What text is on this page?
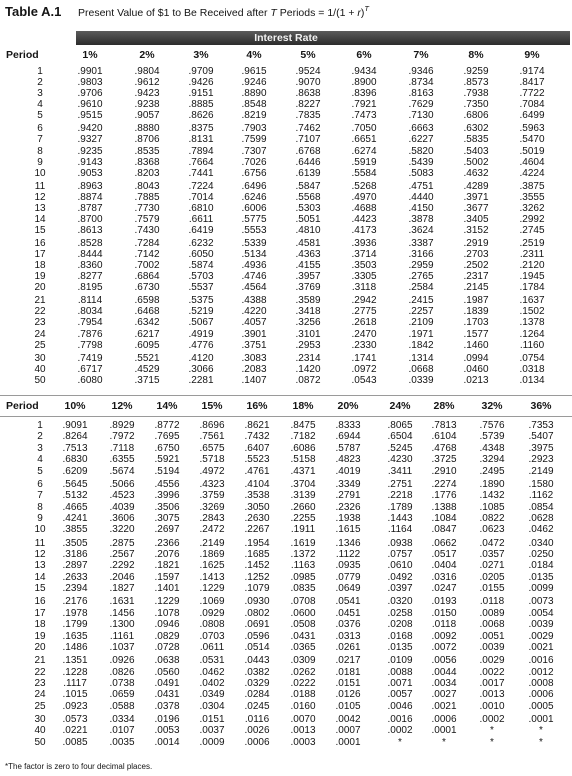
Table A.1 Present Value of $1 to Be Received after T Periods = $1/(1 + r)^T$
Interest Rate
Period	1%	2%	3%	4%	5%	6%	7%	8%	9%
1	.9901	.9804	.9709	.9615	.9524	.9434	.9346	.9259	.9174
2	.9803	.9612	.9426	.9246	.9070	.8900	.8734	.8573	.8417
3	.9706	.9423	.9151	.8890	.8638	.8396	.8163	.7938	.7722
4	.9610	.9238	.8885	.8548	.8227	.7921	.7629	.7350	.7084
5	.9515	.9057	.8626	.8219	.7835	.7473	.7130	.6806	.6499
6	.9420	.8880	.8375	.7903	.7462	.7050	.6663	.6302	.5963
7	.9327	.8706	.8131	.7599	.7107	.6651	.6227	.5835	.5470
8	.9235	.8535	.7894	.7307	.6768	.6274	.5820	.5403	.5019
9	.9143	.8368	.7664	.7026	.6446	.5919	.5439	.5002	.4604
10	.9053	.8203	.7441	.6756	.6139	.5584	.5083	.4632	.4224
11	.8963	.8043	.7224	.6496	.5847	.5268	.4751	.4289	.3875
12	.8874	.7885	.7014	.6246	.5568	.4970	.4440	.3971	.3555
13	.8787	.7730	.6810	.6006	.5303	.4688	.4150	.3677	.3262
14	.8700	.7579	.6611	.5775	.5051	.4423	.3878	.3405	.2992
15	.8613	.7430	.6419	.5553	.4810	.4173	.3624	.3152	.2745
16	.8528	.7284	.6232	.5339	.4581	.3936	.3387	.2919	.2519
17	.8444	.7142	.6050	.5134	.4363	.3714	.3166	.2703	.2311
18	.8360	.7002	.5874	.4936	.4155	.3503	.2959	.2502	.2120
19	.8277	.6864	.5703	.4746	.3957	.3305	.2765	.2317	.1945
20	.8195	.6730	.5537	.4564	.3769	.3118	.2584	.2145	.1784
21	.8114	.6598	.5375	.4388	.3589	.2942	.2415	.1987	.1637
22	.8034	.6468	.5219	.4220	.3418	.2775	.2257	.1839	.1502
23	.7954	.6342	.5067	.4057	.3256	.2618	.2109	.1703	.1378
24	.7876	.6217	.4919	.3901	.3101	.2470	.1971	.1577	.1264
25	.7798	.6095	.4776	.3751	.2953	.2330	.1842	.1460	.1160
30	.7419	.5521	.4120	.3083	.2314	.1741	.1314	.0994	.0754
40	.6717	.4529	.3066	.2083	.1420	.0972	.0668	.0460	.0318
50	.6080	.3715	.2281	.1407	.0872	.0543	.0339	.0213	.0134
Period 10% 12% 14% 15% 16% 18% 20%	24% 28%	32%	36%
1 .9091 .8929 .8772 .8696 .8621 .8475 .8333	.8065 .7813 .7576 .7353
2 .8264 .7972 .7695 .7561 .7432 .7182 .6944	.6504 .6104 .5739 .5407
3 .7513 .7118 .6750 .6575 .6407 .6086 .5787	.5245 .4768 .4348 .3975
4 .6830 .6355 .5921 .5718 .5523 .5158 .4823	.4230 .3725 .3294 .2923
5 .6209 .5674 .5194 .4972 .4761 .4371 .4019	.3411 .2910 .2495 .2149
6 .5645 .5066 .4556 .4323 .4104 .3704 .3349	.2751 .2274 .1890 .1580
7 .5132 .4523 .3996 .3759 .3538 .3139 .2791	.2218 .1776 .1432 .1162
8 .4665 .4039 .3506 .3269 .3050 .2660 .2326	.1789 .1388 .1085 .0854
9 .4241 .3606 .3075 .2843 .2630 .2255 .1938	.1443 .1084 .0822 .0628
10 .3855 .3220 .2697 .2472 .2267 .1911 .1615	.1164 .0847 .0623 .0462
11 .3505 .2875 .2366 .2149 .1954 .1619 .1346	.0938 .0662 .0472 .0340
12 .3186 .2567 .2076 .1869 .1685 .1372 .1122	.0757 .0517 .0357 .0250
13 .2897 .2292 .1821 .1625 .1452 .1163 .0935	.0610 .0404 .0271 .0184
14 .2633 .2046 .1597 .1413 .1252 .0985 .0779	.0492 .0316 .0205 .0135
15 .2394 .1827 .1401 .1229 .1079 .0835 .0649	.0397 .0247 .0155 .0099
16 .2176 .1631 .1229 .1069 .0930 .0708 .0541	.0320 .0193 .0118 .0073
17 .1978 .1456 .1078 .0929 .0802 .0600 .0451	.0258 .0150 .0089 .0054
18 .1799 .1300 .0946 .0808 .0691 .0508 .0376	.0208 .0118 .0068 .0039
19 .1635 .1161 .0829 .0703 .0596 .0431 .0313	.0168 .0092 .0051 .0029
20 .1486 .1037 .0728 .0611 .0514 .0365 .0261	.0135 .0072 .0039 .0021
21 .1351 .0926 .0638 .0531 .0443 .0309 .0217	.0109 .0056 .0029 .0016
22 .1228 .0826 .0560 .0462 .0382 .0262 .0181	.0088 .0044 .0022 .0012
23 .1117 .0738 .0491 .0402 .0329 .0222 .0151	.0071 .0034 .0017 .0008
24 .1015 .0659 .0431 .0349 .0284 .0188 .0126	.0057 .0027 .0013 .0006
25 .0923 .0588 .0378 .0304 .0245 .0160 .0105	.0046 .0021 .0010 .0005
30 .0573 .0334 .0196 .0151 .0116 .0070 .0042	.0016 .0006 .0002 .0001
40 .0221 .0107 .0053 .0037 .0026 .0013 .0007	.0002 .0001	*	*
50 .0085 .0035 .0014 .0009 .0006 .0003 .0001	*	*	*	*
*The factor is zero to four decimal places.
